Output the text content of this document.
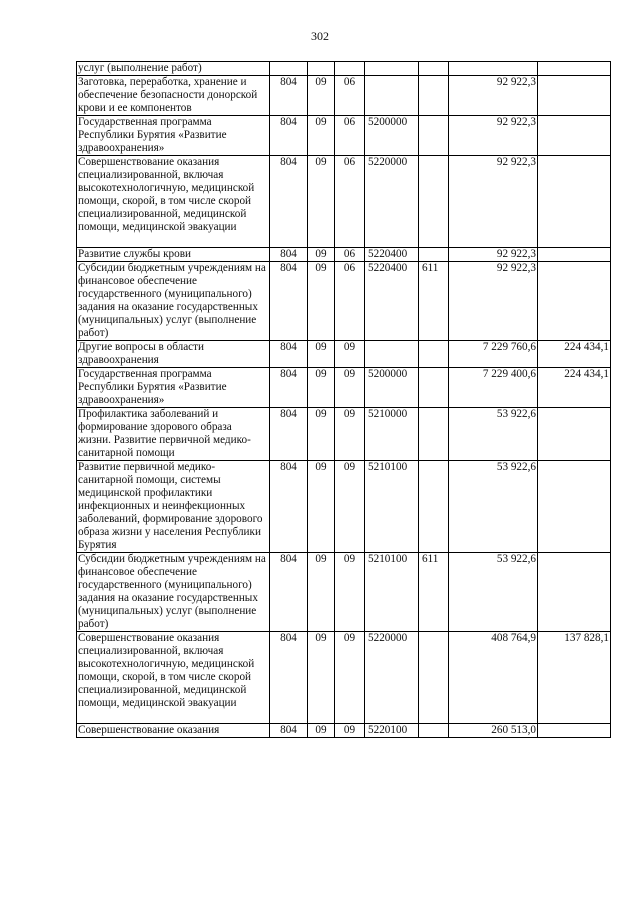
302
услуг (выполнение работ)							
Заготовка, переработка, хранение и обеспечение безопасности донорской крови и ее компонентов	804	09	06			92 922,3	
Государственная программа Республики Бурятия «Развитие здравоохранения»	804	09	06	5200000		92 922,3	
Совершенствование оказания специализированной, включая высокотехнологичную, медицинской помощи, скорой, в том числе скорой специализированной, медицинской помощи, медицинской эвакуации	804	09	06	5220000		92 922,3	
Развитие службы крови	804	09	06	5220400		92 922,3	
Субсидии бюджетным учреждениям на финансовое обеспечение государственного (муниципального) задания на оказание государственных (муниципальных) услуг (выполнение работ)	804	09	06	5220400	611	92 922,3	
Другие вопросы в области здравоохранения	804	09	09			7 229 760,6	224 434,1
Государственная программа Республики Бурятия «Развитие здравоохранения»	804	09	09	5200000		7 229 400,6	224 434,1
Профилактика заболеваний и формирование здорового образа жизни. Развитие первичной медико-санитарной помощи	804	09	09	5210000		53 922,6	
Развитие первичной медико-санитарной помощи, системы медицинской профилактики инфекционных и неинфекционных заболеваний, формирование здорового образа жизни у населения Республики Бурятия	804	09	09	5210100		53 922,6	
Субсидии бюджетным учреждениям на финансовое обеспечение государственного (муниципального) задания на оказание государственных (муниципальных) услуг (выполнение работ)	804	09	09	5210100	611	53 922,6	
Совершенствование оказания специализированной, включая высокотехнологичную, медицинской помощи, скорой, в том числе скорой специализированной, медицинской помощи, медицинской эвакуации	804	09	09	5220000		408 764,9	137 828,1
Совершенствование оказания	804	09	09	5220100		260 513,0	
